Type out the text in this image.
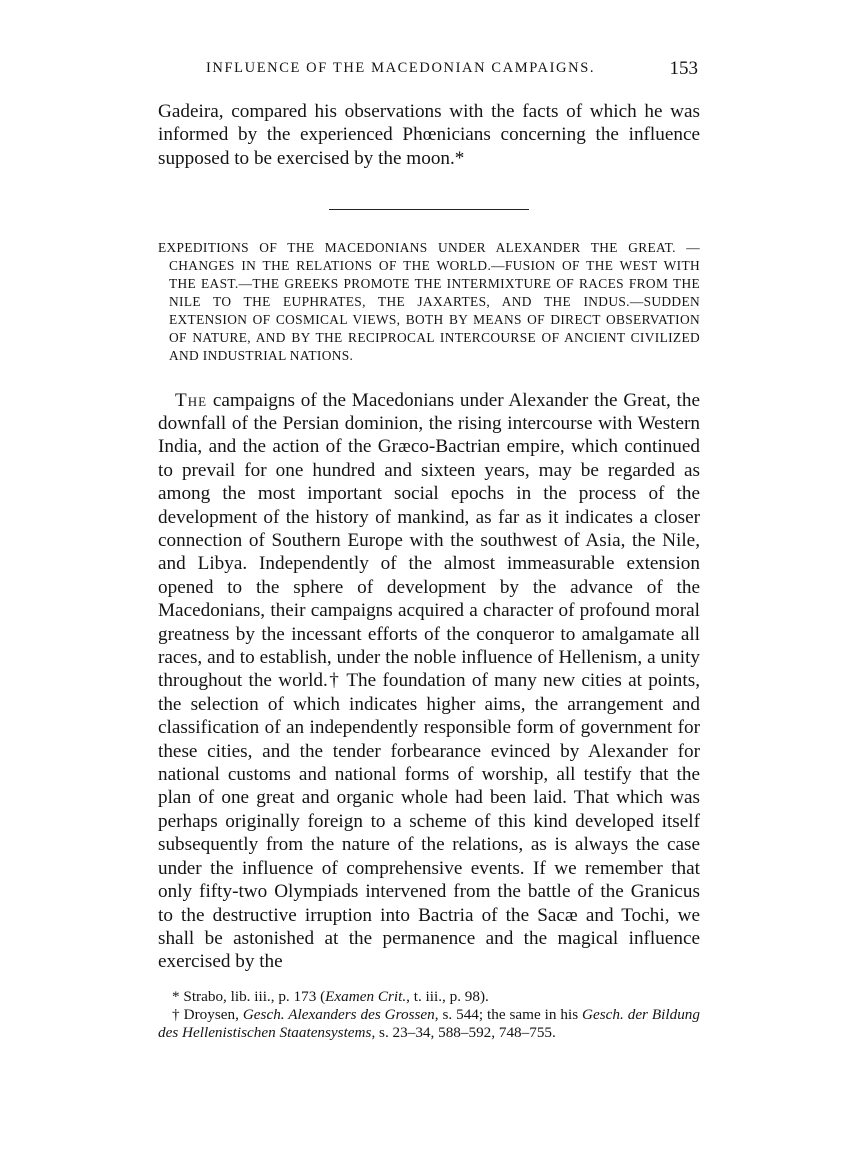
INFLUENCE OF THE MACEDONIAN CAMPAIGNS.	153

Gadeira, compared his observations with the facts of which he was informed by the experienced Phœnicians concerning the influence supposed to be exercised by the moon.*

EXPEDITIONS OF THE MACEDONIANS UNDER ALEXANDER THE GREAT. —CHANGES IN THE RELATIONS OF THE WORLD.—FUSION OF THE WEST WITH THE EAST.—THE GREEKS PROMOTE THE INTERMIXTURE OF RACES FROM THE NILE TO THE EUPHRATES, THE JAXARTES, AND THE INDUS.—SUDDEN EXTENSION OF COSMICAL VIEWS, BOTH BY MEANS OF DIRECT OBSERVATION OF NATURE, AND BY THE RECIPROCAL INTERCOURSE OF ANCIENT CIVILIZED AND INDUSTRIAL NATIONS.

The campaigns of the Macedonians under Alexander the Great, the downfall of the Persian dominion, the rising intercourse with Western India, and the action of the Græco-Bactrian empire, which continued to prevail for one hundred and sixteen years, may be regarded as among the most important social epochs in the process of the development of the history of mankind, as far as it indicates a closer connection of Southern Europe with the southwest of Asia, the Nile, and Libya. Independently of the almost immeasurable extension opened to the sphere of development by the advance of the Macedonians, their campaigns acquired a character of profound moral greatness by the incessant efforts of the conqueror to amalgamate all races, and to establish, under the noble influence of Hellenism, a unity throughout the world.† The foundation of many new cities at points, the selection of which indicates higher aims, the arrangement and classification of an independently responsible form of government for these cities, and the tender forbearance evinced by Alexander for national customs and national forms of worship, all testify that the plan of one great and organic whole had been laid. That which was perhaps originally foreign to a scheme of this kind developed itself subsequently from the nature of the relations, as is always the case under the influence of comprehensive events. If we remember that only fifty-two Olympiads intervened from the battle of the Granicus to the destructive irruption into Bactria of the Sacæ and Tochi, we shall be astonished at the permanence and the magical influence exercised by the

* Strabo, lib. iii., p. 173 (Examen Crit., t. iii., p. 98).

† Droysen, Gesch. Alexanders des Grossen, s. 544; the same in his Gesch. der Bildung des Hellenistischen Staatensystems, s. 23–34, 588–592, 748–755.
